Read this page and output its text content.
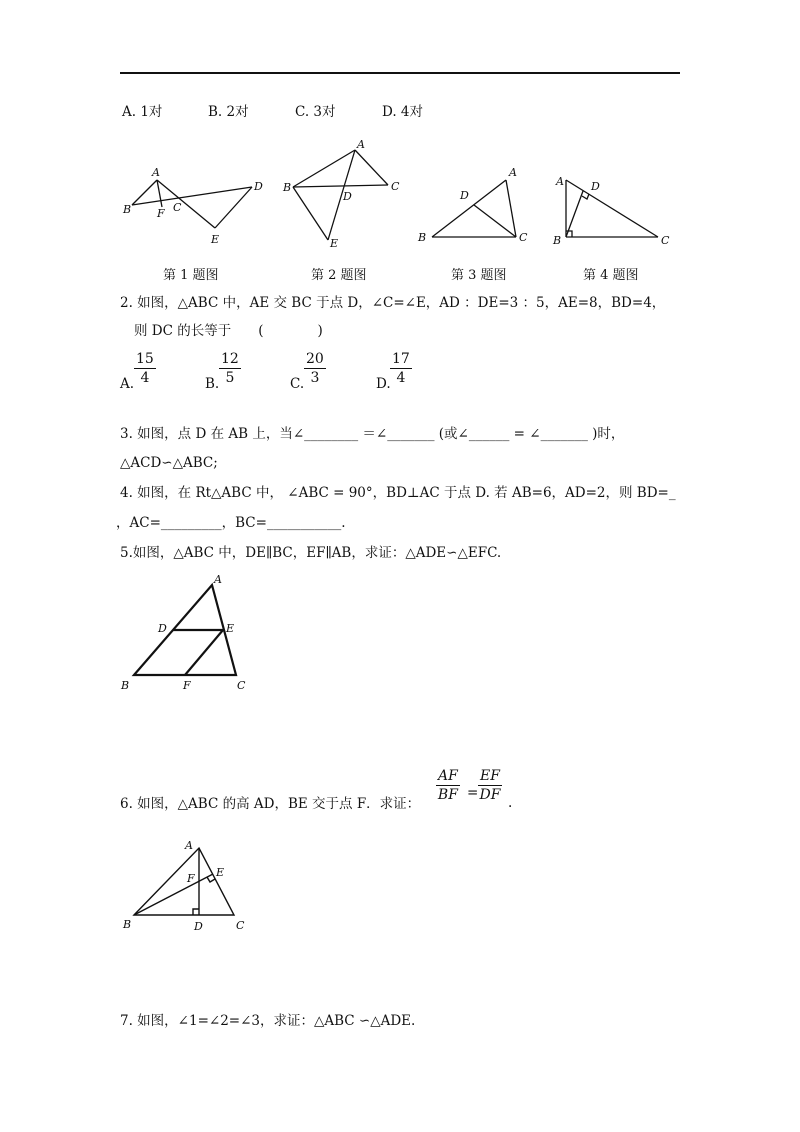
A. 1对	B. 2对	C. 3对	D. 4对
A
B F C
D
E
A
B	C
D
E
A
D
B	C
A D
B	C
第 1 题图	第 2 题图	第 3 题图	第 4 题图
2. 如图，△ABC 中，AE 交 BC 于点 D，∠C=∠E，AD ：DE=3 ：5，AE=8，BD=4，
则 DC 的长等于　　(　　　　)
A.
15
4	B.
12
5	C.
20
3	D.
17
4
3. 如图，点 D 在 AB 上，当∠________ ＝∠_______ (或∠______ = ∠_______ )时，
△ACD∽△ABC;
4. 如图，在 Rt△ABC 中， ∠ABC = 90°，BD⊥AC 于点 D. 若 AB=6，AD=2，则 BD=_
，AC=_________，BC=___________.
5.如图，△ABC 中，DE∥BC，EF∥AB，求证：△ADE∽△EFC.
A
D	E
B	F	C
6. 如图，△ABC 的高 AD，BE 交于点 F．求证：
AF
BF =
EF
DF .
A
F E
B	D	C
7. 如图，∠1=∠2=∠3，求证：△ABC ∽△ADE.
